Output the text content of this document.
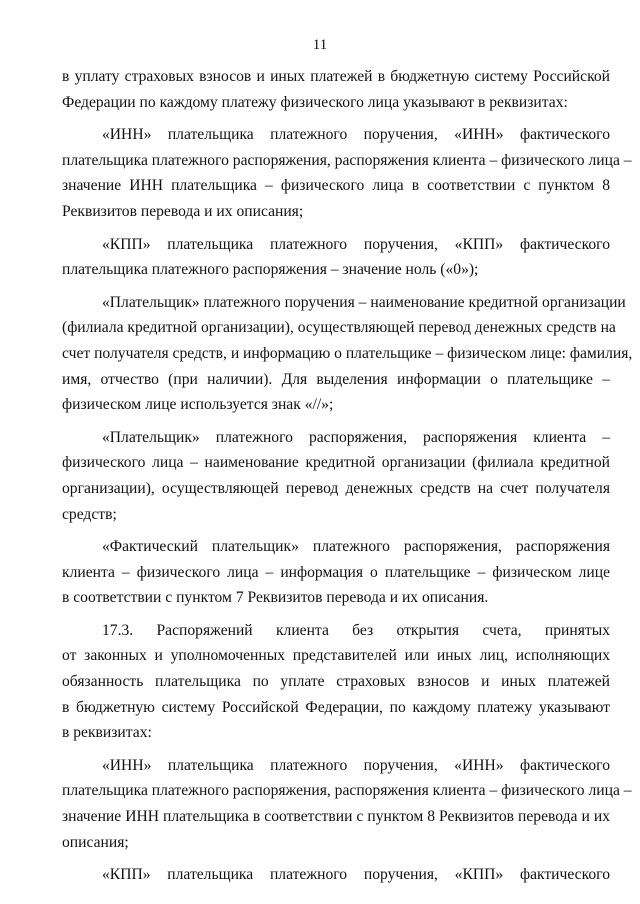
11
в уплату страховых взносов и иных платежей в бюджетную систему Российской
Федерации по каждому платежу физического лица указывают в реквизитах:
«ИНН» плательщика платежного поручения, «ИНН» фактического
плательщика платежного распоряжения, распоряжения клиента – физического лица –
значение ИНН плательщика – физического лица в соответствии с пунктом 8
Реквизитов перевода и их описания;
«КПП» плательщика платежного поручения, «КПП» фактического
плательщика платежного распоряжения – значение ноль («0»);
«Плательщик» платежного поручения – наименование кредитной организации
(филиала кредитной организации), осуществляющей перевод денежных средств на
счет получателя средств, и информацию о плательщике – физическом лице: фамилия,
имя, отчество (при наличии). Для выделения информации о плательщике –
физическом лице используется знак «//»;
«Плательщик» платежного распоряжения, распоряжения клиента –
физического лица – наименование кредитной организации (филиала кредитной
организации), осуществляющей перевод денежных средств на счет получателя
средств;
«Фактический плательщик» платежного распоряжения, распоряжения
клиента – физического лица – информация о плательщике – физическом лице
в соответствии с пунктом 7 Реквизитов перевода и их описания.
17.3. Распоряжений клиента без открытия счета, принятых
от законных и уполномоченных представителей или иных лиц, исполняющих
обязанность плательщика по уплате страховых взносов и иных платежей
в бюджетную систему Российской Федерации, по каждому платежу указывают
в реквизитах:
«ИНН» плательщика платежного поручения, «ИНН» фактического
плательщика платежного распоряжения, распоряжения клиента – физического лица –
значение ИНН плательщика в соответствии с пунктом 8 Реквизитов перевода и их
описания;
«КПП» плательщика платежного поручения, «КПП» фактического
